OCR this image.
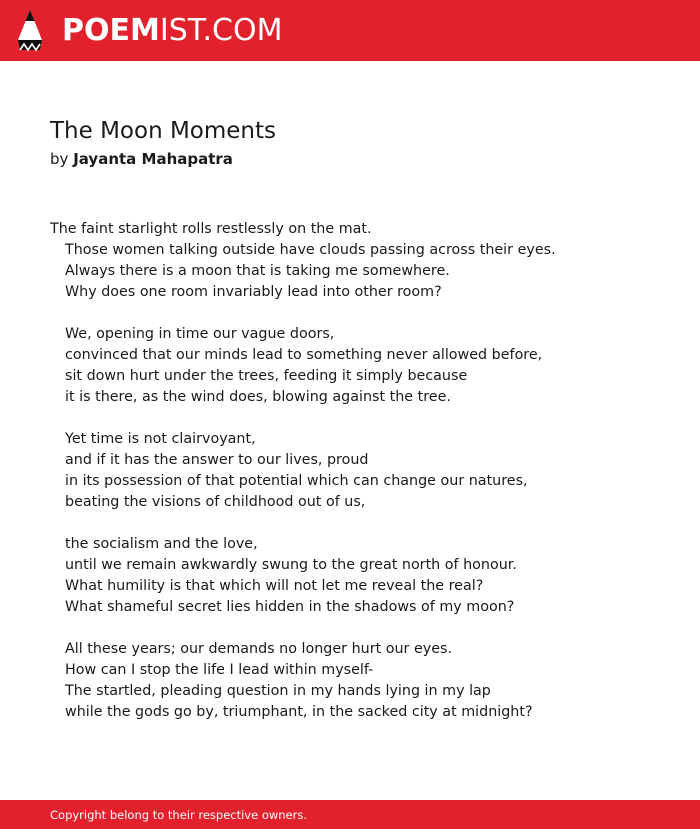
POEMIST.COM
The Moon Moments
by Jayanta Mahapatra
The faint starlight rolls restlessly on the mat.
Those women talking outside have clouds passing across their eyes.
Always there is a moon that is taking me somewhere.
Why does one room invariably lead into other room?
We, opening in time our vague doors,
convinced that our minds lead to something never allowed before,
sit down hurt under the trees, feeding it simply because
it is there, as the wind does, blowing against the tree.
Yet time is not clairvoyant,
and if it has the answer to our lives, proud
in its possession of that potential which can change our natures,
beating the visions of childhood out of us,
the socialism and the love,
until we remain awkwardly swung to the great north of honour.
What humility is that which will not let me reveal the real?
What shameful secret lies hidden in the shadows of my moon?
All these years; our demands no longer hurt our eyes.
How can I stop the life I lead within myself-
The startled, pleading question in my hands lying in my lap
while the gods go by, triumphant, in the sacked city at midnight?
Copyright belong to their respective owners.
